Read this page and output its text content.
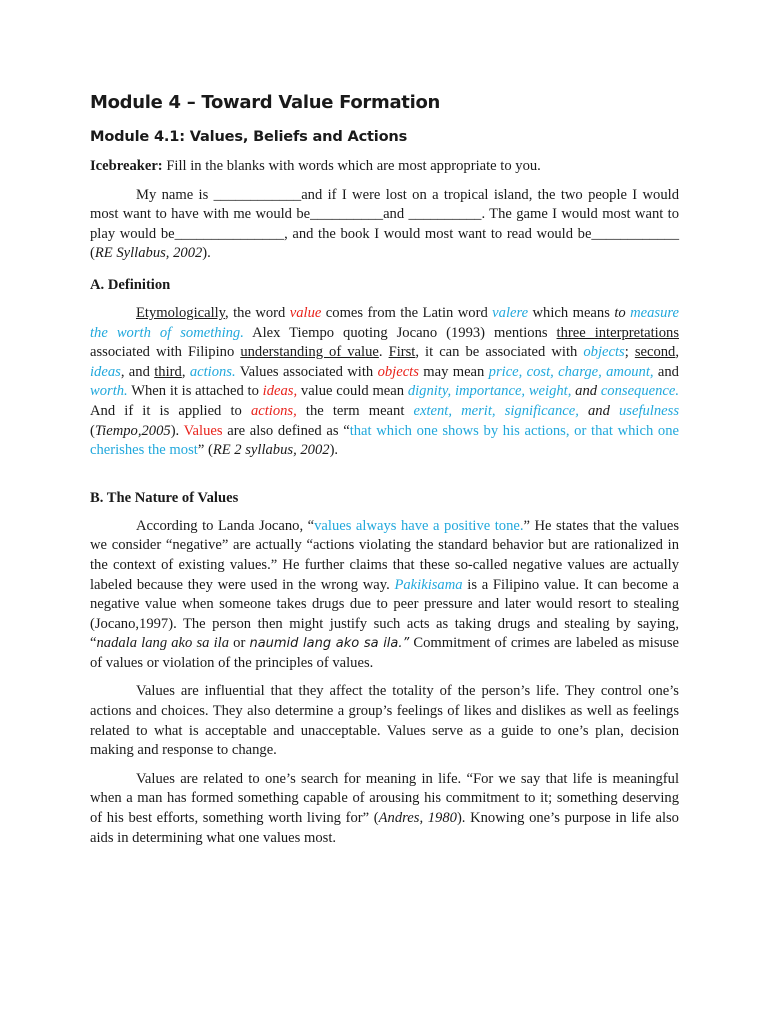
Module 4 – Toward Value Formation
Module 4.1: Values, Beliefs and Actions

Icebreaker: Fill in the blanks with words which are most appropriate to you.

My name is ____________and if I were lost on a tropical island, the two people I would most want to have with me would be__________and __________. The game I would most want to play would be_______________, and the book I would most want to read would be____________ (RE Syllabus, 2002).

A. Definition

Etymologically, the word value comes from the Latin word valere which means to measure the worth of something. Alex Tiempo quoting Jocano (1993) mentions three interpretations associated with Filipino understanding of value. First, it can be associated with objects; second, ideas, and third, actions. Values associated with objects may mean price, cost, charge, amount, and worth. When it is attached to ideas, value could mean dignity, importance, weight, and consequence. And if it is applied to actions, the term meant extent, merit, significance, and usefulness (Tiempo,2005). Values are also defined as “that which one shows by his actions, or that which one cherishes the most” (RE 2 syllabus, 2002).

B. The Nature of Values

According to Landa Jocano, “values always have a positive tone.” He states that the values we consider “negative” are actually “actions violating the standard behavior but are rationalized in the context of existing values.” He further claims that these so-called negative values are actually labeled because they were used in the wrong way. Pakikisama is a Filipino value. It can become a negative value when someone takes drugs due to peer pressure and later would resort to stealing (Jocano,1997). The person then might justify such acts as taking drugs and stealing by saying, “nadala lang ako sa ila or naumid lang ako sa ila.” Commitment of crimes are labeled as misuse of values or violation of the principles of values.

Values are influential that they affect the totality of the person’s life. They control one’s actions and choices. They also determine a group’s feelings of likes and dislikes as well as feelings related to what is acceptable and unacceptable. Values serve as a guide to one’s plan, decision making and response to change.

Values are related to one’s search for meaning in life. “For we say that life is meaningful when a man has formed something capable of arousing his commitment to it; something deserving of his best efforts, something worth living for” (Andres, 1980). Knowing one’s purpose in life also aids in determining what one values most.
